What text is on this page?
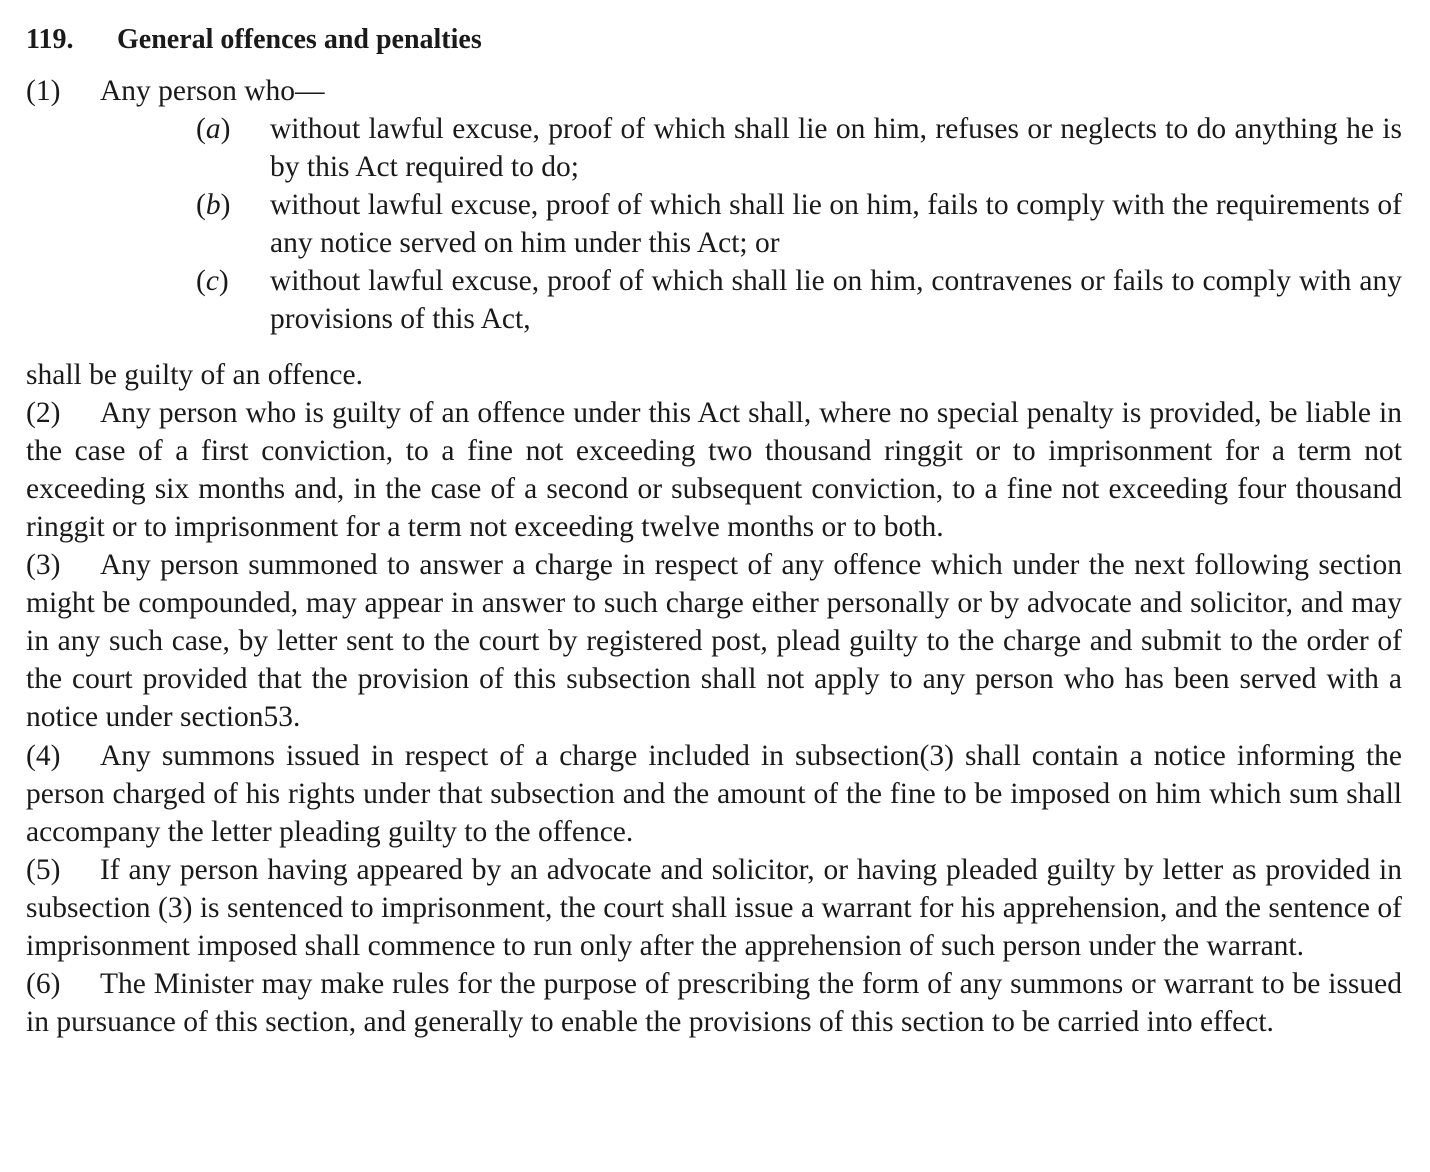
119.	General offences and penalties
(1) Any person who—
(a)	without lawful excuse, proof of which shall lie on him, refuses or neglects to do anything he is by this Act required to do;
(b)	without lawful excuse, proof of which shall lie on him, fails to comply with the requirements of any notice served on him under this Act; or
(c)	without lawful excuse, proof of which shall lie on him, contravenes or fails to comply with any provisions of this Act,
shall be guilty of an offence.
(2) Any person who is guilty of an offence under this Act shall, where no special penalty is provided, be liable in the case of a first conviction, to a fine not exceeding two thousand ringgit or to imprisonment for a term not exceeding six months and, in the case of a second or subsequent conviction, to a fine not exceeding four thousand ringgit or to imprisonment for a term not exceeding twelve months or to both.
(3) Any person summoned to answer a charge in respect of any offence which under the next following section might be compounded, may appear in answer to such charge either personally or by advocate and solicitor, and may in any such case, by letter sent to the court by registered post, plead guilty to the charge and submit to the order of the court provided that the provision of this subsection shall not apply to any person who has been served with a notice under section53.
(4) Any summons issued in respect of a charge included in subsection(3) shall contain a notice informing the person charged of his rights under that subsection and the amount of the fine to be imposed on him which sum shall accompany the letter pleading guilty to the offence.
(5) If any person having appeared by an advocate and solicitor, or having pleaded guilty by letter as provided in subsection (3) is sentenced to imprisonment, the court shall issue a warrant for his apprehension, and the sentence of imprisonment imposed shall commence to run only after the apprehension of such person under the warrant.
(6) The Minister may make rules for the purpose of prescribing the form of any summons or warrant to be issued in pursuance of this section, and generally to enable the provisions of this section to be carried into effect.
